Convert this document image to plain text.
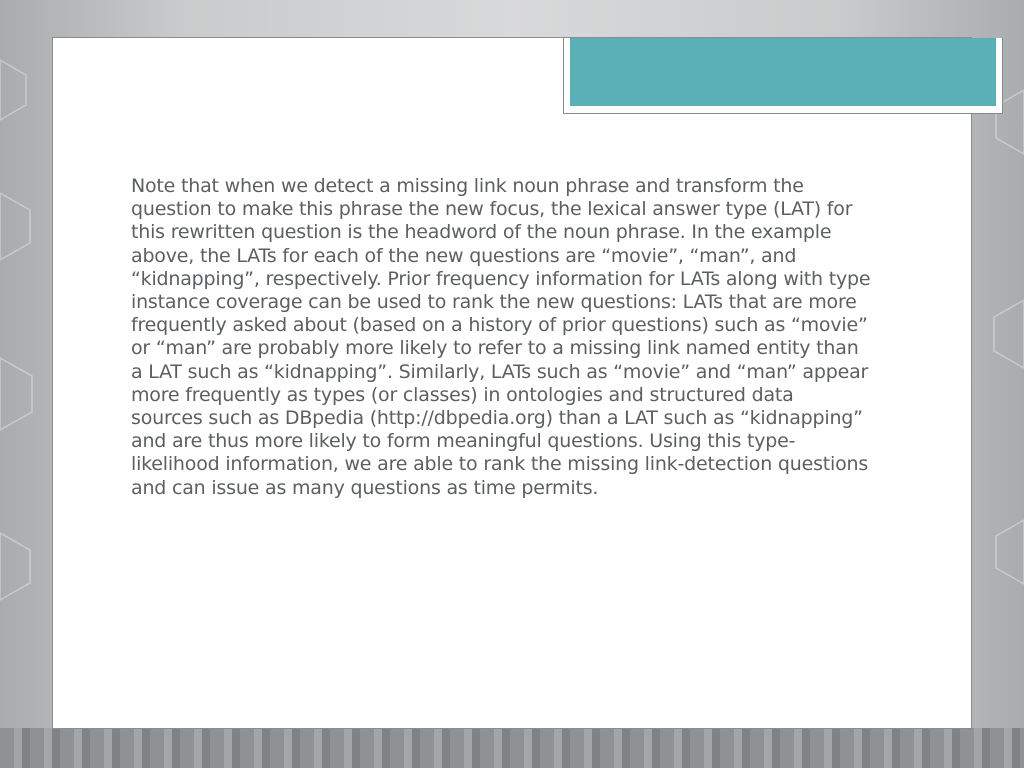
Note that when we detect a missing link noun phrase and transform the question to make this phrase the new focus, the lexical answer type (LAT) for this rewritten question is the headword of the noun phrase. In the example above, the LATs for each of the new questions are “movie”, “man”, and “kidnapping”, respectively. Prior frequency information for LATs along with type instance coverage can be used to rank the new questions: LATs that are more frequently asked about (based on a history of prior questions) such as “movie” or “man” are probably more likely to refer to a missing link named entity than a LAT such as “kidnapping”. Similarly, LATs such as “movie” and “man” appear more frequently as types (or classes) in ontologies and structured data sources such as DBpedia (http://dbpedia.org) than a LAT such as “kidnapping” and are thus more likely to form meaningful questions. Using this type-likelihood information, we are able to rank the missing link-detection questions and can issue as many questions as time permits.
